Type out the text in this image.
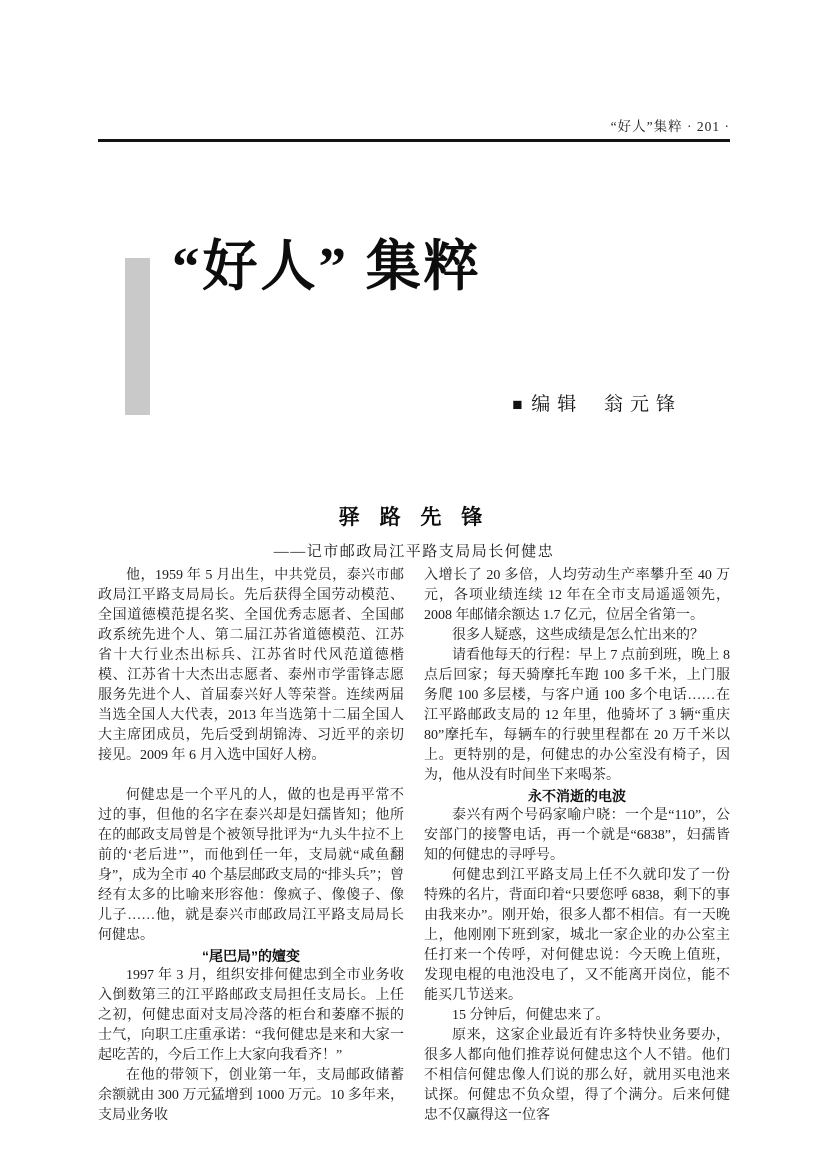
“好人”集粹 · 201 ·
“好人” 集粹
■ 编辑 翁元锋
驿 路 先 锋
——记市邮政局江平路支局局长何健忠

他，1959 年 5 月出生，中共党员，泰兴市邮政局江平路支局局长。先后获得全国劳动模范、全国道德模范提名奖、全国优秀志愿者、全国邮政系统先进个人、第二届江苏省道德模范、江苏省十大行业杰出标兵、江苏省时代风范道德楷模、江苏省十大杰出志愿者、泰州市学雷锋志愿服务先进个人、首届泰兴好人等荣誉。连续两届当选全国人大代表，2013 年当选第十二届全国人大主席团成员，先后受到胡锦涛、习近平的亲切接见。2009 年 6 月入选中国好人榜。

何健忠是一个平凡的人，做的也是再平常不过的事，但他的名字在泰兴却是妇孺皆知；他所在的邮政支局曾是个被领导批评为“九头牛拉不上前的‘老后进’”，而他到任一年，支局就“咸鱼翻身”，成为全市 40 个基层邮政支局的“排头兵”；曾经有太多的比喻来形容他：像疯子、像傻子、像儿子……他，就是泰兴市邮政局江平路支局局长何健忠。

“尾巴局”的嬗变

1997 年 3 月，组织安排何健忠到全市业务收入倒数第三的江平路邮政支局担任支局长。上任之初，何健忠面对支局冷落的柜台和萎靡不振的士气，向职工庄重承诺：“我何健忠是来和大家一起吃苦的，今后工作上大家向我看齐！”

在他的带领下，创业第一年，支局邮政储蓄余额就由 300 万元猛增到 1000 万元。10 多年来，支局业务收

入增长了 20 多倍，人均劳动生产率攀升至 40 万元，各项业绩连续 12 年在全市支局遥遥领先，2008 年邮储余额达 1.7 亿元，位居全省第一。

很多人疑惑，这些成绩是怎么忙出来的？

请看他每天的行程：早上 7 点前到班，晚上 8 点后回家；每天骑摩托车跑 100 多千米，上门服务爬 100 多层楼，与客户通 100 多个电话……在江平路邮政支局的 12 年里，他骑坏了 3 辆“重庆 80”摩托车，每辆车的行驶里程都在 20 万千米以上。更特别的是，何健忠的办公室没有椅子，因为，他从没有时间坐下来喝茶。

永不消逝的电波

泰兴有两个号码家喻户晓：一个是“110”，公安部门的接警电话，再一个就是“6838”，妇孺皆知的何健忠的寻呼号。

何健忠到江平路支局上任不久就印发了一份特殊的名片，背面印着“只要您呼 6838，剩下的事由我来办”。刚开始，很多人都不相信。有一天晚上，他刚刚下班到家，城北一家企业的办公室主任打来一个传呼，对何健忠说：今天晚上值班，发现电棍的电池没电了，又不能离开岗位，能不能买几节送来。

15 分钟后，何健忠来了。

原来，这家企业最近有许多特快业务要办，很多人都向他们推荐说何健忠这个人不错。他们不相信何健忠像人们说的那么好，就用买电池来试探。何健忠不负众望，得了个满分。后来何健忠不仅赢得这一位客
